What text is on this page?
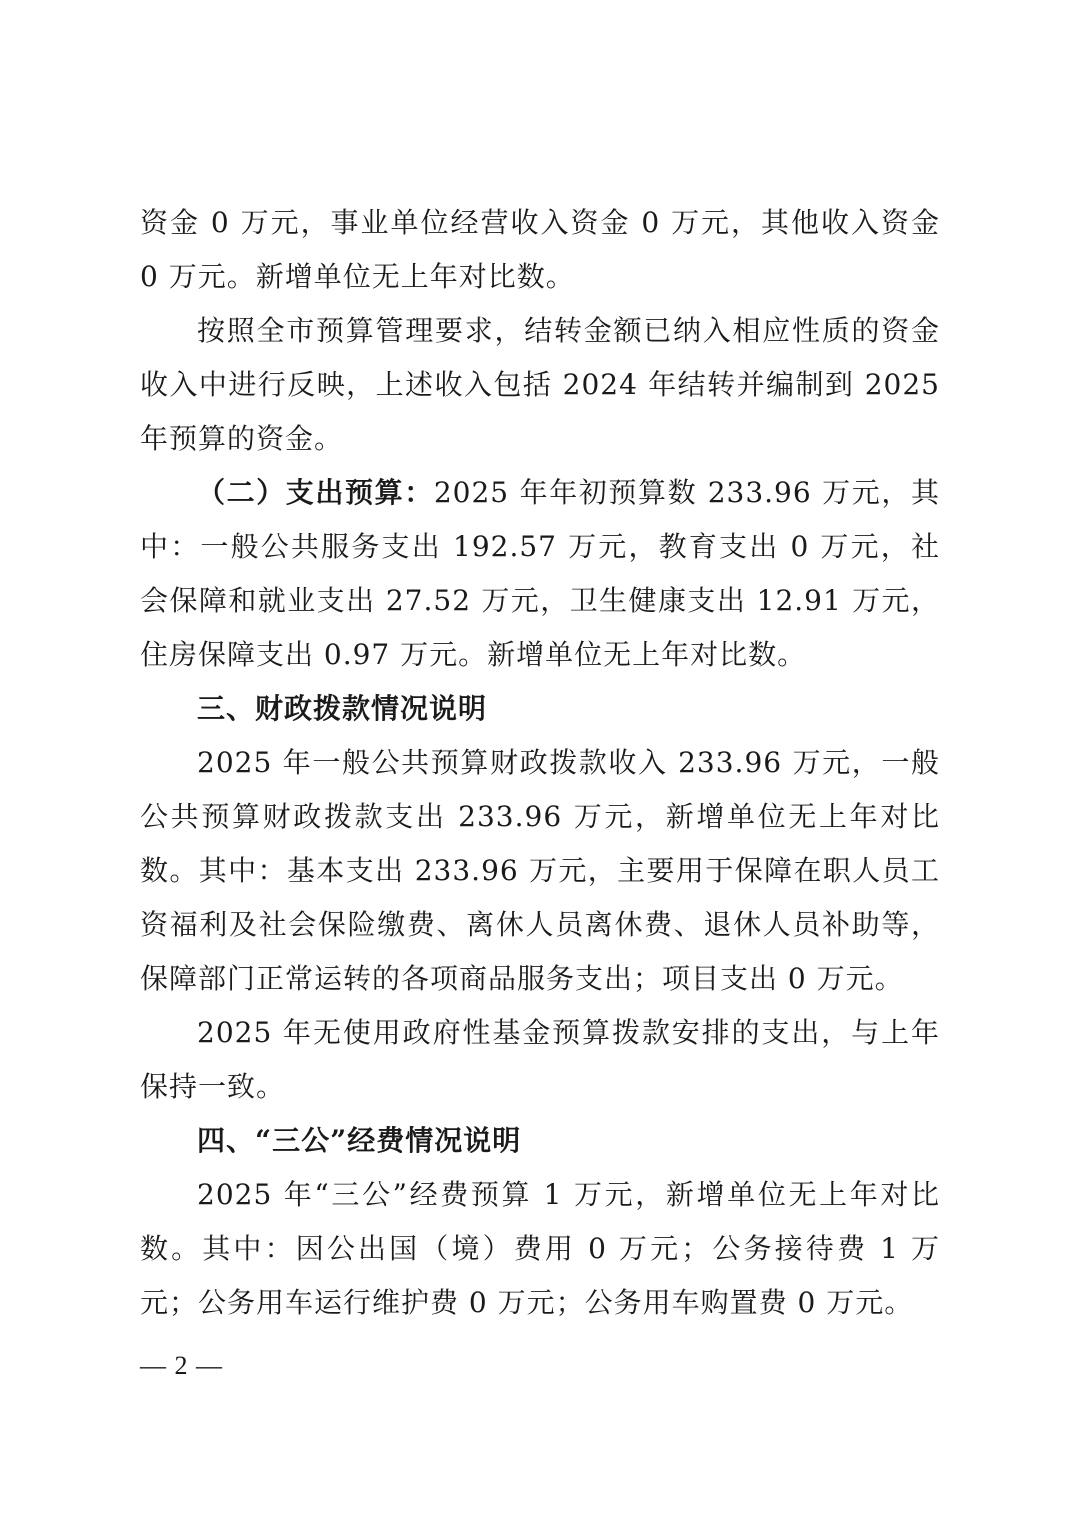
资金 0 万元，事业单位经营收入资金 0 万元，其他收入资金 0 万元。新增单位无上年对比数。

按照全市预算管理要求，结转金额已纳入相应性质的资金收入中进行反映，上述收入包括 2024 年结转并编制到 2025 年预算的资金。

（二）支出预算：2025 年年初预算数 233.96 万元，其中：一般公共服务支出 192.57 万元，教育支出 0 万元，社会保障和就业支出 27.52 万元，卫生健康支出 12.91 万元，住房保障支出 0.97 万元。新增单位无上年对比数。

三、财政拨款情况说明

2025 年一般公共预算财政拨款收入 233.96 万元，一般公共预算财政拨款支出 233.96 万元，新增单位无上年对比数。其中：基本支出 233.96 万元，主要用于保障在职人员工资福利及社会保险缴费、离休人员离休费、退休人员补助等，保障部门正常运转的各项商品服务支出；项目支出 0 万元。

2025 年无使用政府性基金预算拨款安排的支出，与上年保持一致。

四、“三公”经费情况说明

2025 年“三公”经费预算 1 万元，新增单位无上年对比数。其中：因公出国（境）费用 0 万元；公务接待费 1 万元；公务用车运行维护费 0 万元；公务用车购置费 0 万元。

— 2 —
